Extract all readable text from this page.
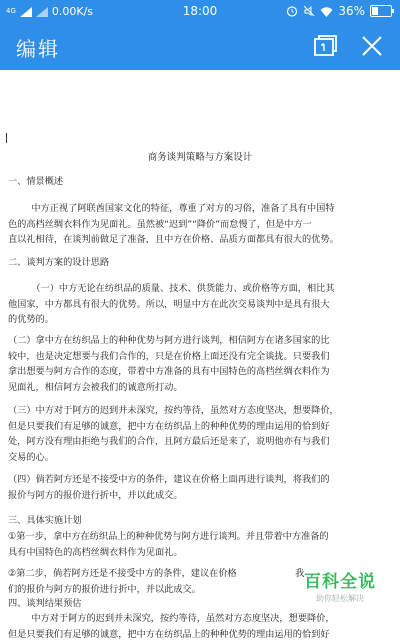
4G	0.00K/s	18:00	36%
编辑
商务谈判策略与方案设计
一、情景概述
中方正视了阿联酋国家文化的特征，尊重了对方的习俗，准备了具有中国特
色的高档丝绸衣料作为见面礼。虽然被“迟到”“降价”而怠慢了，但是中方一
直以礼相待，在谈判前做足了准备，且中方在价格、品质方面都具有很大的优势。
二、谈判方案的设计思路
（一）中方无论在纺织品的质量、技术、供货能力、或价格等方面，相比其
他国家，中方都具有很大的优势。所以，明显中方在此次交易谈判中是具有很大
的优势的。
（二）拿中方在纺织品上的种种优势与阿方进行谈判，相信阿方在诸多国家的比
较中，也是决定想要与我们合作的，只是在价格上面还没有完全谈拢。只要我们
拿出想要与阿方合作的态度，带着中方准备的具有中国特色的高档丝绸衣料作为
见面礼，相信阿方会被我们的诚意所打动。
（三）中方对于阿方的迟到并未深究，按约等待，虽然对方态度坚决，想要降价，
但是只要我们有足够的诚意，把中方在纺织品上的种种优势的理由运用的恰到好
处，阿方没有理由拒绝与我们的合作，且阿方最后还是来了，说明他亦有与我们
交易的心。
（四）倘若阿方还是不接受中方的条件，建议在价格上面再进行谈判，将我们的
报价与阿方的报价进行折中，并以此成交。
三、具体实施计划
①第一步，拿中方在纺织品上的种种优势与阿方进行谈判。并且带着中方准备的
具有中国特色的高档丝绸衣料作为见面礼。
②第二步，倘若阿方还是不接受中方的条件，建议在价格                    我
们的报价与阿方的报价进行折中，并以此成交。
四、谈判结果预估
中方对于阿方的迟到并未深究，按约等待，虽然对方态度坚决，想要降价，
但是只要我们有足够的诚意，把中方在纺织品上的种种优势的理由运用的恰到好
百科全说
助你轻松解决
